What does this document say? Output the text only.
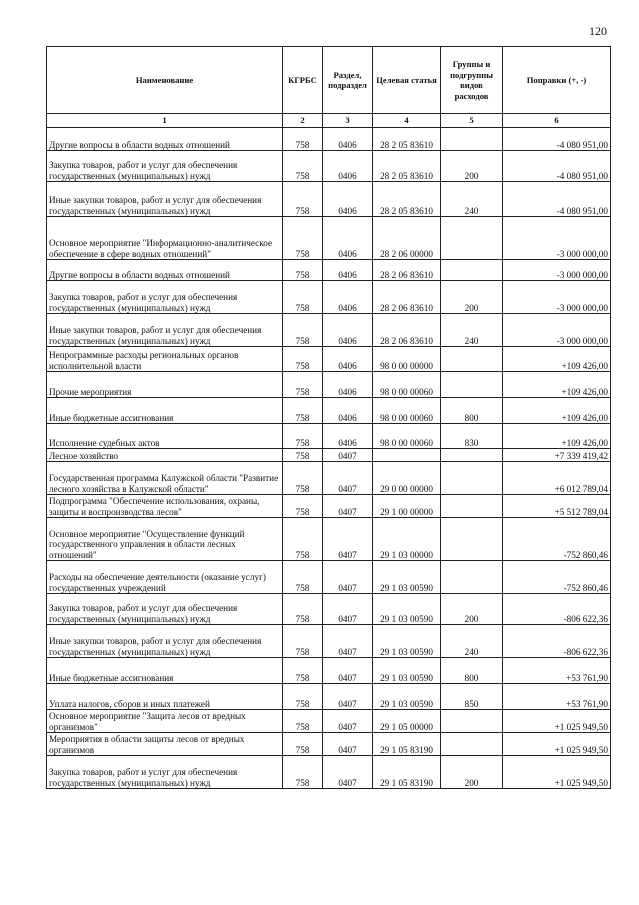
120
Наименование	КГРБС	Раздел, подраздел	Целевая статья	Группы и подгруппы видов расходов	Поправки (+, -)
1	2	3	4	5	6
Другие вопросы в области водных отношений	758	0406	28 2 05 83610		-4 080 951,00
Закупка товаров, работ и услуг для обеспечения государственных (муниципальных) нужд	758	0406	28 2 05 83610	200	-4 080 951,00
Иные закупки товаров, работ и услуг для обеспечения государственных (муниципальных) нужд	758	0406	28 2 05 83610	240	-4 080 951,00
Основное мероприятие "Информационно-аналитическое обеспечение в сфере водных отношений"	758	0406	28 2 06 00000		-3 000 000,00
Другие вопросы в области водных отношений	758	0406	28 2 06 83610		-3 000 000,00
Закупка товаров, работ и услуг для обеспечения государственных (муниципальных) нужд	758	0406	28 2 06 83610	200	-3 000 000,00
Иные закупки товаров, работ и услуг для обеспечения государственных (муниципальных) нужд	758	0406	28 2 06 83610	240	-3 000 000,00
Непрограммные расходы региональных органов исполнительной власти	758	0406	98 0 00 00000		+109 426,00
Прочие мероприятия	758	0406	98 0 00 00060		+109 426,00
Иные бюджетные ассигнования	758	0406	98 0 00 00060	800	+109 426,00
Исполнение судебных актов	758	0406	98 0 00 00060	830	+109 426,00
Лесное хозяйство	758	0407			+7 339 419,42
Государственная программа Калужской области "Развитие лесного хозяйства в Калужской области"	758	0407	29 0 00 00000		+6 012 789,04
Подпрограмма "Обеспечение использования, охраны, защиты и воспроизводства лесов"	758	0407	29 1 00 00000		+5 512 789,04
Основное мероприятие "Осуществление функций государственного управления в области лесных отношений"	758	0407	29 1 03 00000		-752 860,46
Расходы на обеспечение деятельности (оказание услуг) государственных учреждений	758	0407	29 1 03 00590		-752 860,46
Закупка товаров, работ и услуг для обеспечения государственных (муниципальных) нужд	758	0407	29 1 03 00590	200	-806 622,36
Иные закупки товаров, работ и услуг для обеспечения государственных (муниципальных) нужд	758	0407	29 1 03 00590	240	-806 622,36
Иные бюджетные ассигнования	758	0407	29 1 03 00590	800	+53 761,90
Уплата налогов, сборов и иных платежей	758	0407	29 1 03 00590	850	+53 761,90
Основное мероприятие "Защита лесов от вредных организмов"	758	0407	29 1 05 00000		+1 025 949,50
Мероприятия в области защиты лесов от вредных организмов	758	0407	29 1 05 83190		+1 025 949,50
Закупка товаров, работ и услуг для обеспечения государственных (муниципальных) нужд	758	0407	29 1 05 83190	200	+1 025 949,50
